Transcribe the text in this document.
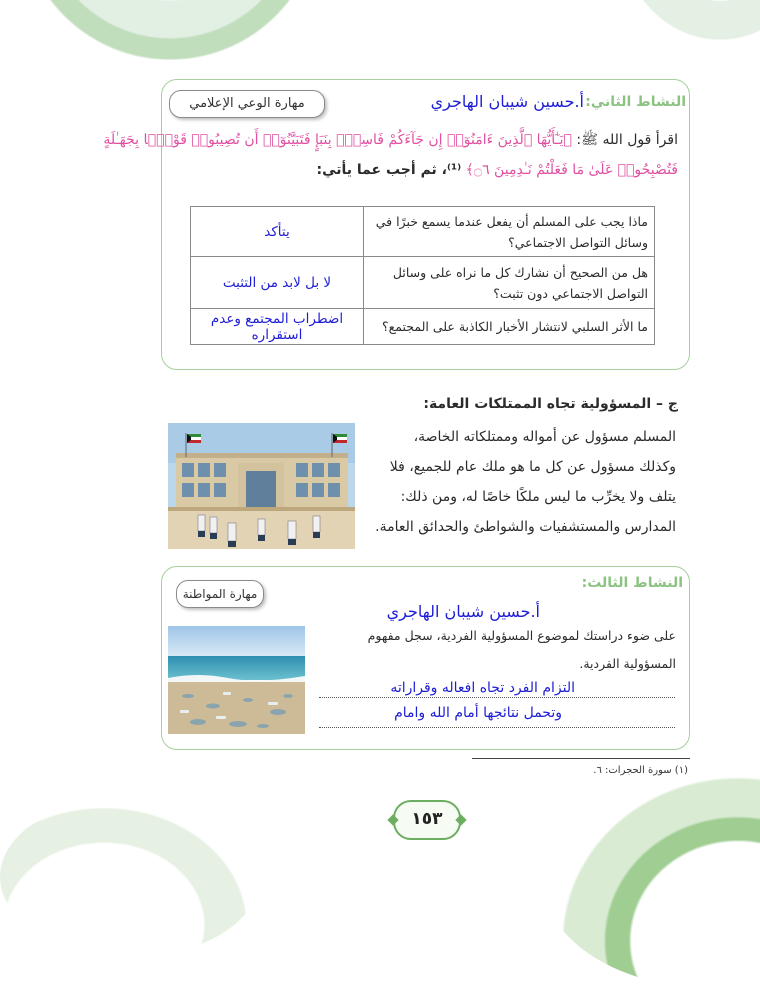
النشاط الثاني:
أ.حسين شيبان الهاجري
مهارة الوعي الإعلامي
اقرأ قول الله ﷺ: ﴿يَـٰٓأَيُّهَا ٱلَّذِينَ ءَامَنُوٓا۟ إِن جَآءَكُمْ فَاسِقٌۢ بِنَبَإٍ فَتَبَيَّنُوٓا۟ أَن تُصِيبُوا۟ قَوْمًۢا بِجَهَـٰلَةٍ
فَتُصْبِحُوا۟ عَلَىٰ مَا فَعَلْتُمْ نَـٰدِمِينَ ۝٦﴾ ⁽¹⁾، ثم أجب عما يأتي:
ماذا يجب على المسلم أن يفعل عندما يسمع خبرًا في وسائل التواصل الاجتماعي؟	يتأكد
هل من الصحيح أن نشارك كل ما نراه على وسائل التواصل الاجتماعي دون تثبت؟	لا بل لابد من التثبت
ما الأثر السلبي لانتشار الأخبار الكاذبة على المجتمع؟	اضطراب المجتمع وعدم استقراره
ج – المسؤولية تجاه الممتلكات العامة:
المسلم مسؤول عن أمواله وممتلكاته الخاصة،
وكذلك مسؤول عن كل ما هو ملك عام للجميع، فلا
يتلف ولا يخرِّب ما ليس ملكًا خاصًا له، ومن ذلك:
المدارس والمستشفيات والشواطئ والحدائق العامة.
النشاط الثالث:
مهارة المواطنة
أ.حسين شيبان الهاجري
على ضوء دراستك لموضوع المسؤولية الفردية، سجل مفهوم
المسؤولية الفردية.
التزام الفرد تجاه افعاله وقراراته
وتحمل نتائجها أمام الله وامام
(١) سورة الحجرات: ٦.
١٥٣
